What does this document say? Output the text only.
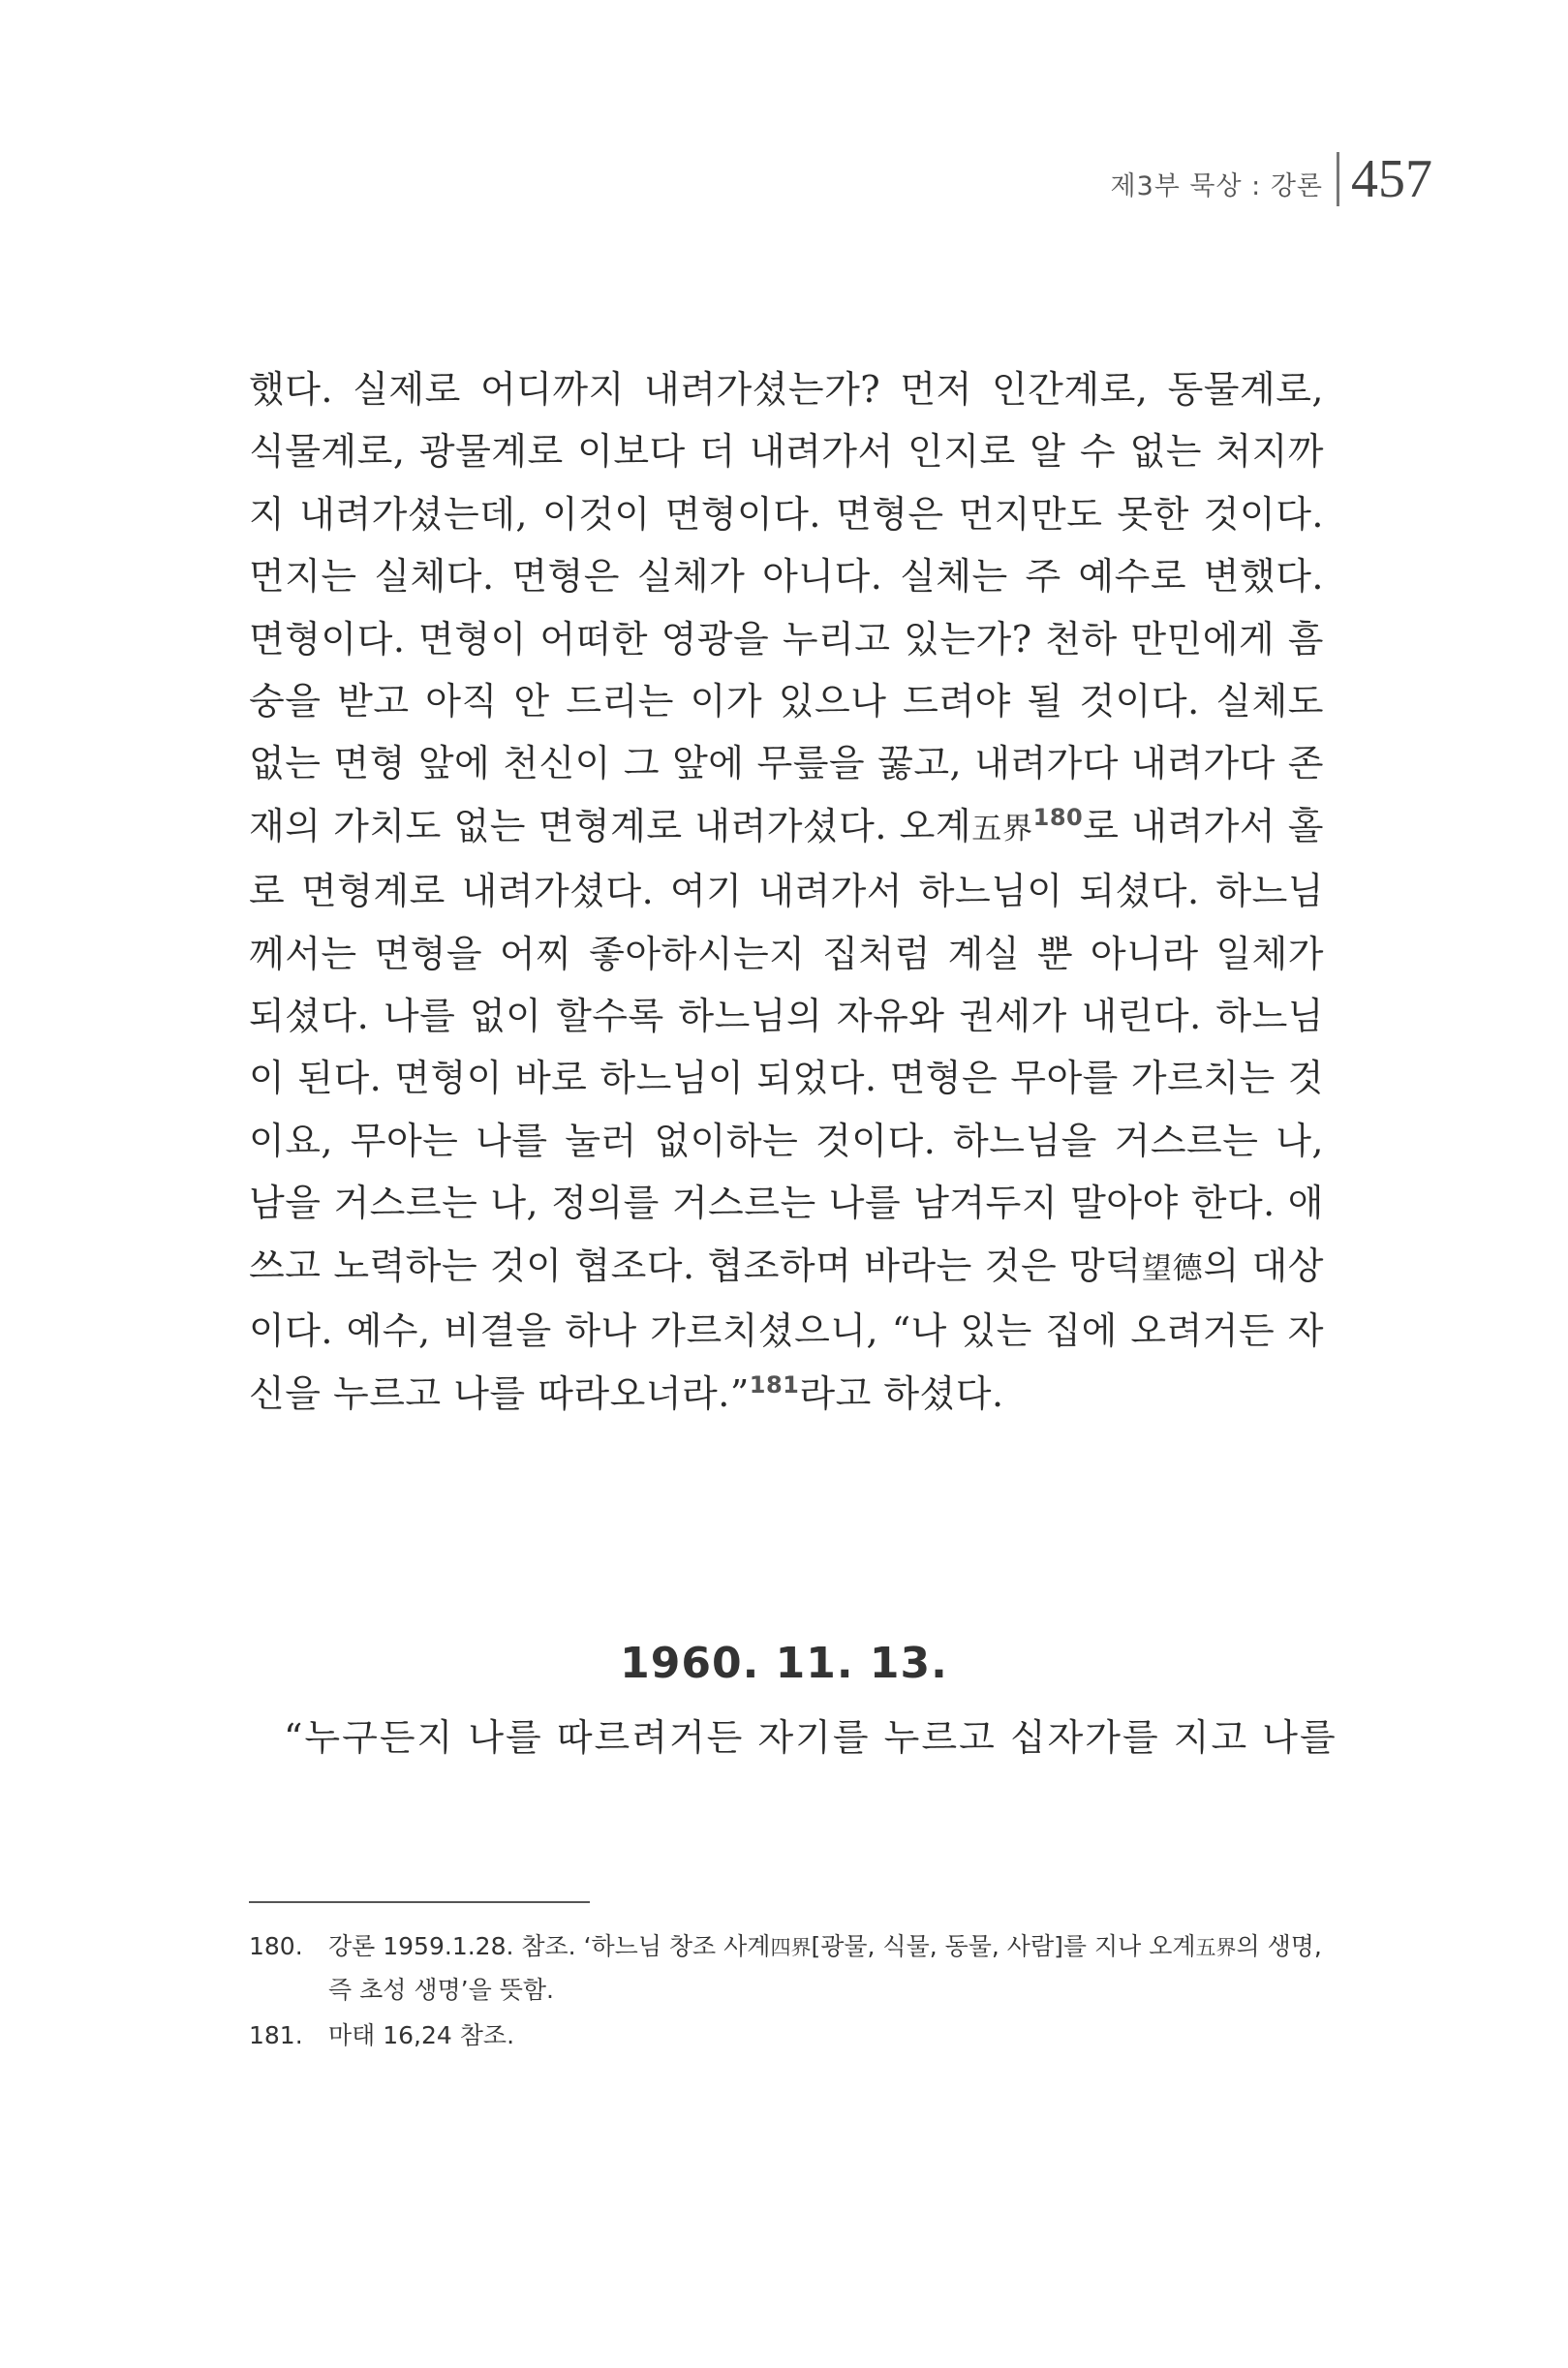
제3부 묵상 : 강론 457

했다. 실제로 어디까지 내려가셨는가? 먼저 인간계로, 동물계로, 식물계로, 광물계로 이보다 더 내려가서 인지로 알 수 없는 처지까지 내려가셨는데, 이것이 면형이다. 면형은 먼지만도 못한 것이다. 먼지는 실체다. 면형은 실체가 아니다. 실체는 주 예수로 변했다. 면형이다. 면형이 어떠한 영광을 누리고 있는가? 천하 만민에게 흠숭을 받고 아직 안 드리는 이가 있으나 드려야 될 것이다. 실체도 없는 면형 앞에 천신이 그 앞에 무릎을 꿇고, 내려가다 내려가다 존재의 가치도 없는 면형계로 내려가셨다. 오계五界$^{180}$로 내려가서 홀로 면형계로 내려가셨다. 여기 내려가서 하느님이 되셨다. 하느님께서는 면형을 어찌 좋아하시는지 집처럼 계실 뿐 아니라 일체가 되셨다. 나를 없이 할수록 하느님의 자유와 권세가 내린다. 하느님이 된다. 면형이 바로 하느님이 되었다. 면형은 무아를 가르치는 것이요, 무아는 나를 눌러 없이하는 것이다. 하느님을 거스르는 나, 남을 거스르는 나, 정의를 거스르는 나를 남겨두지 말아야 한다. 애쓰고 노력하는 것이 협조다. 협조하며 바라는 것은 망덕望德의 대상이다. 예수, 비결을 하나 가르치셨으니, “나 있는 집에 오려거든 자신을 누르고 나를 따라오너라.”$^{181}$라고 하셨다.

1960. 11. 13.
“누구든지 나를 따르려거든 자기를 누르고 십자가를 지고 나를
180.	강론 1959.1.28. 참조. ‘하느님 창조 사계四界[광물, 식물, 동물, 사람]를 지나 오계五界의 생명, 즉 초성 생명’을 뜻함.
181.	마태 16,24 참조.
